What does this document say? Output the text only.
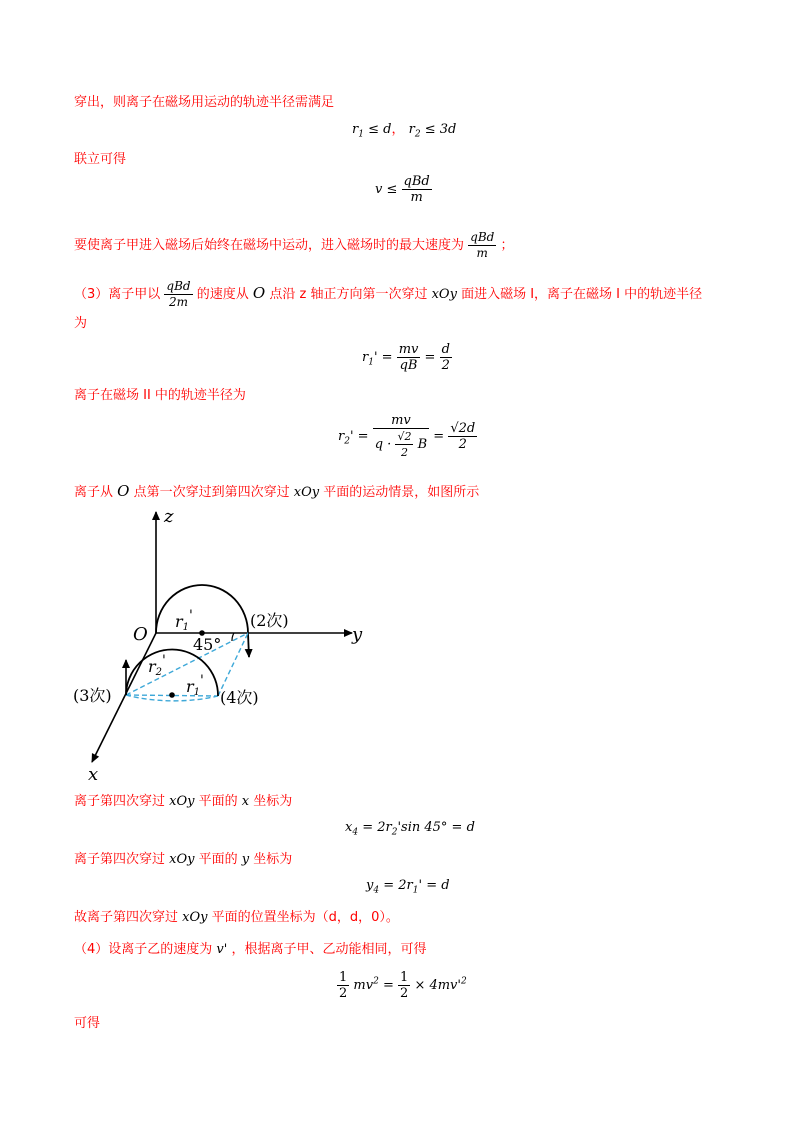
穿出，则离子在磁场用运动的轨迹半径需满足
$r_1 \le d$， $r_2 \le 3d$
联立可得
$v \le \frac{\text{qBd}}{m}$
要使离子甲进入磁场后始终在磁场中运动，进入磁场时的最大速度为 $\frac{\text{qBd}}{m}$ ；
（3）离子甲以 $\frac{\text{qBd}}{2m}$ 的速度从 O 点沿 z 轴正方向第一次穿过 xOy 面进入磁场 I，离子在磁场 I 中的轨迹半径
为
$r_1' = \frac{mv}{qB} = \frac{d}{2}$
离子在磁场 II 中的轨迹半径为
$r_2' = \frac{mv}{q \cdot \frac{√2}{2} B} = \frac{√2d}{2}$
离子从 O 点第一次穿过到第四次穿过 xOy 平面的运动情景，如图所示
z
y
x
O
r1'
r2'
r1'
45°
(2次)
(3次)	(4次)
离子第四次穿过 xOy 平面的 x 坐标为
$x_4 = 2r_2'\sin$ 45° = d
离子第四次穿过 xOy 平面的 y 坐标为
$y_4 = 2r_1' = d$
故离子第四次穿过 xOy 平面的位置坐标为（d，d，0）。
（4）设离子乙的速度为 v' ，根据离子甲、乙动能相同，可得
$\frac{1}{2} mv^2 = \frac{1}{2} \times 4mv'^2$
可得
